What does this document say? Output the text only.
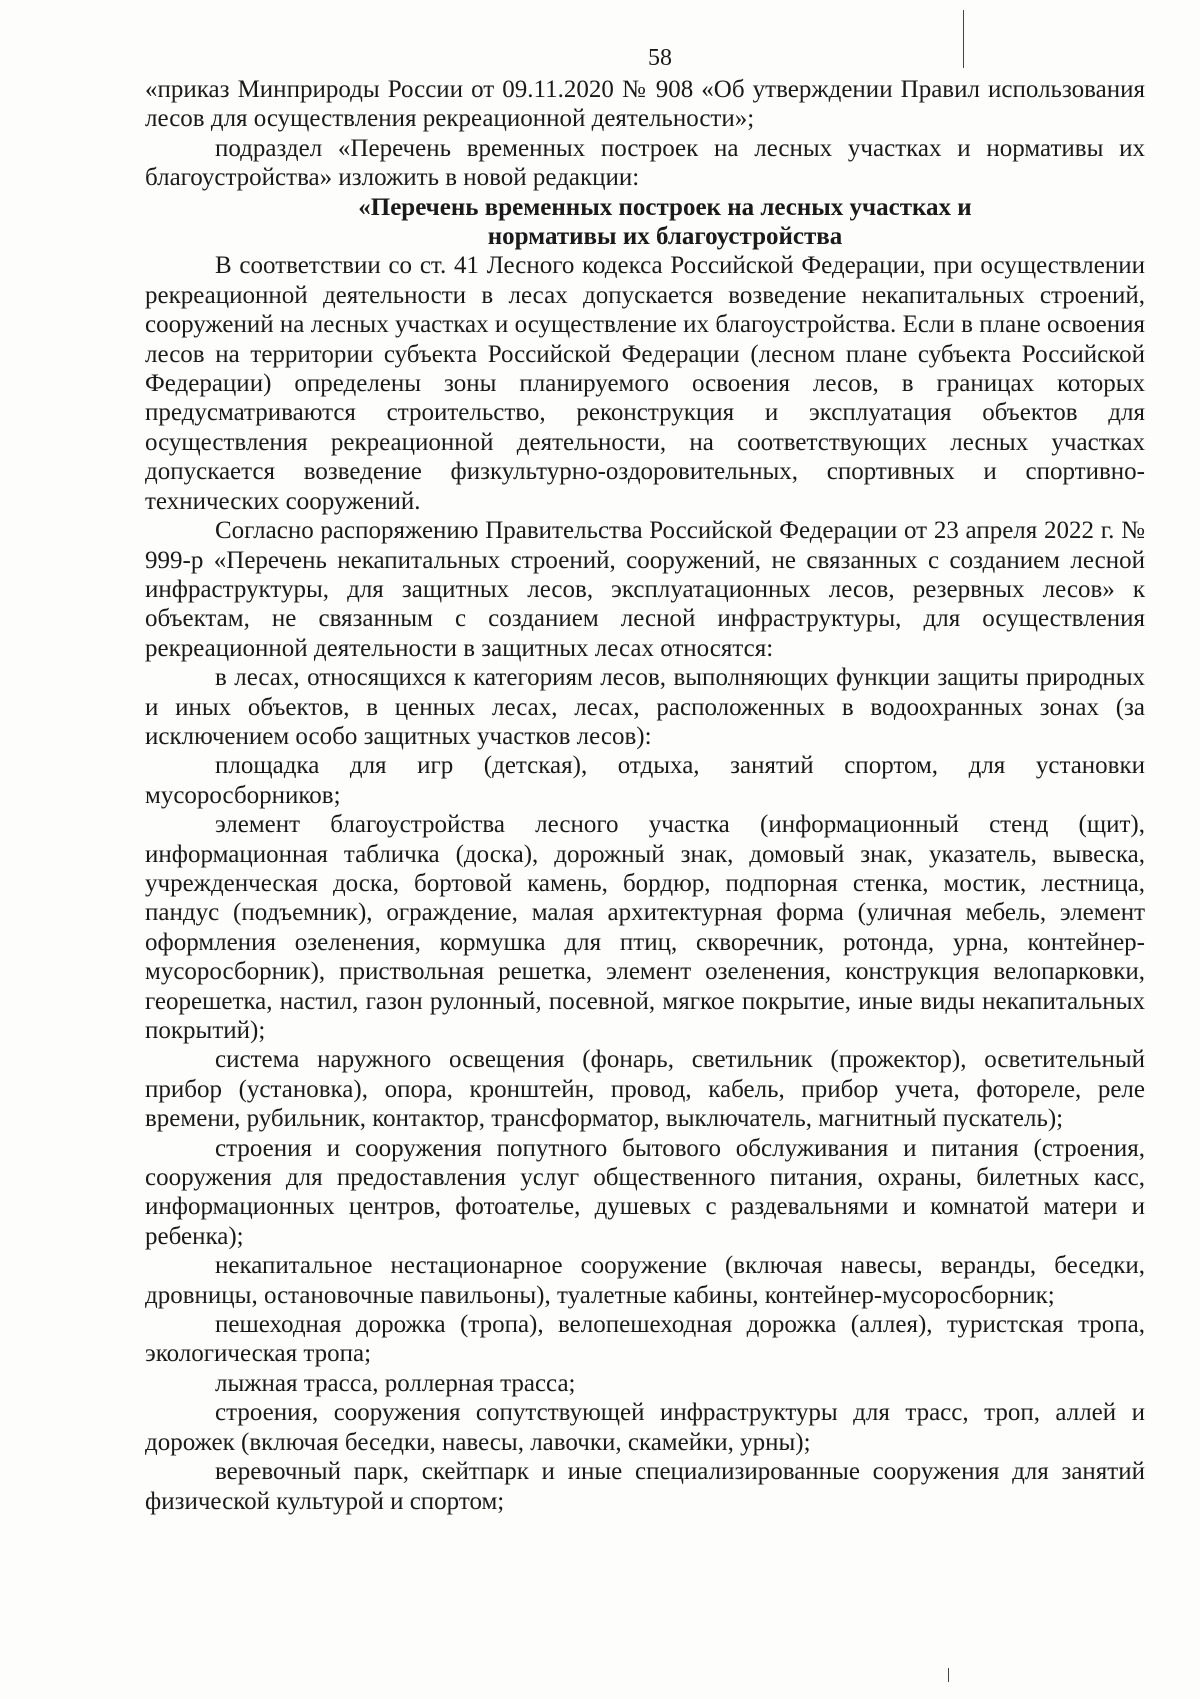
58

«приказ Минприроды России от 09.11.2020 № 908 «Об утверждении Правил использования лесов для осуществления рекреационной деятельности»;

подраздел «Перечень временных построек на лесных участках и нормативы их благоустройства» изложить в новой редакции:

«Перечень временных построек на лесных участках и
нормативы их благоустройства

В соответствии со ст. 41 Лесного кодекса Российской Федерации, при осуществлении рекреационной деятельности в лесах допускается возведение некапитальных строений, сооружений на лесных участках и осуществление их благоустройства. Если в плане освоения лесов на территории субъекта Российской Федерации (лесном плане субъекта Российской Федерации) определены зоны планируемого освоения лесов, в границах которых предусматриваются строительство, реконструкция и эксплуатация объектов для осуществления рекреационной деятельности, на соответствующих лесных участках допускается возведение физкультурно-оздоровительных, спортивных и спортивно-технических сооружений.

Согласно распоряжению Правительства Российской Федерации от 23 апреля 2022 г. № 999-р «Перечень некапитальных строений, сооружений, не связанных с созданием лесной инфраструктуры, для защитных лесов, эксплуатационных лесов, резервных лесов» к объектам, не связанным с созданием лесной инфраструктуры, для осуществления рекреационной деятельности в защитных лесах относятся:

в лесах, относящихся к категориям лесов, выполняющих функции защиты природных и иных объектов, в ценных лесах, лесах, расположенных в водоохранных зонах (за исключением особо защитных участков лесов):

площадка для игр (детская), отдыха, занятий спортом, для установки мусоросборников;

элемент благоустройства лесного участка (информационный стенд (щит), информационная табличка (доска), дорожный знак, домовый знак, указатель, вывеска, учрежденческая доска, бортовой камень, бордюр, подпорная стенка, мостик, лестница, пандус (подъемник), ограждение, малая архитектурная форма (уличная мебель, элемент оформления озеленения, кормушка для птиц, скворечник, ротонда, урна, контейнер-мусоросборник), приствольная решетка, элемент озеленения, конструкция велопарковки, георешетка, настил, газон рулонный, посевной, мягкое покрытие, иные виды некапитальных покрытий);

система наружного освещения (фонарь, светильник (прожектор), осветительный прибор (установка), опора, кронштейн, провод, кабель, прибор учета, фотореле, реле времени, рубильник, контактор, трансформатор, выключатель, магнитный пускатель);

строения и сооружения попутного бытового обслуживания и питания (строения, сооружения для предоставления услуг общественного питания, охраны, билетных касс, информационных центров, фотоателье, душевых с раздевальнями и комнатой матери и ребенка);

некапитальное нестационарное сооружение (включая навесы, веранды, беседки, дровницы, остановочные павильоны), туалетные кабины, контейнер-мусоросборник;

пешеходная дорожка (тропа), велопешеходная дорожка (аллея), туристская тропа, экологическая тропа;

лыжная трасса, роллерная трасса;

строения, сооружения сопутствующей инфраструктуры для трасс, троп, аллей и дорожек (включая беседки, навесы, лавочки, скамейки, урны);

веревочный парк, скейтпарк и иные специализированные сооружения для занятий физической культурой и спортом;
